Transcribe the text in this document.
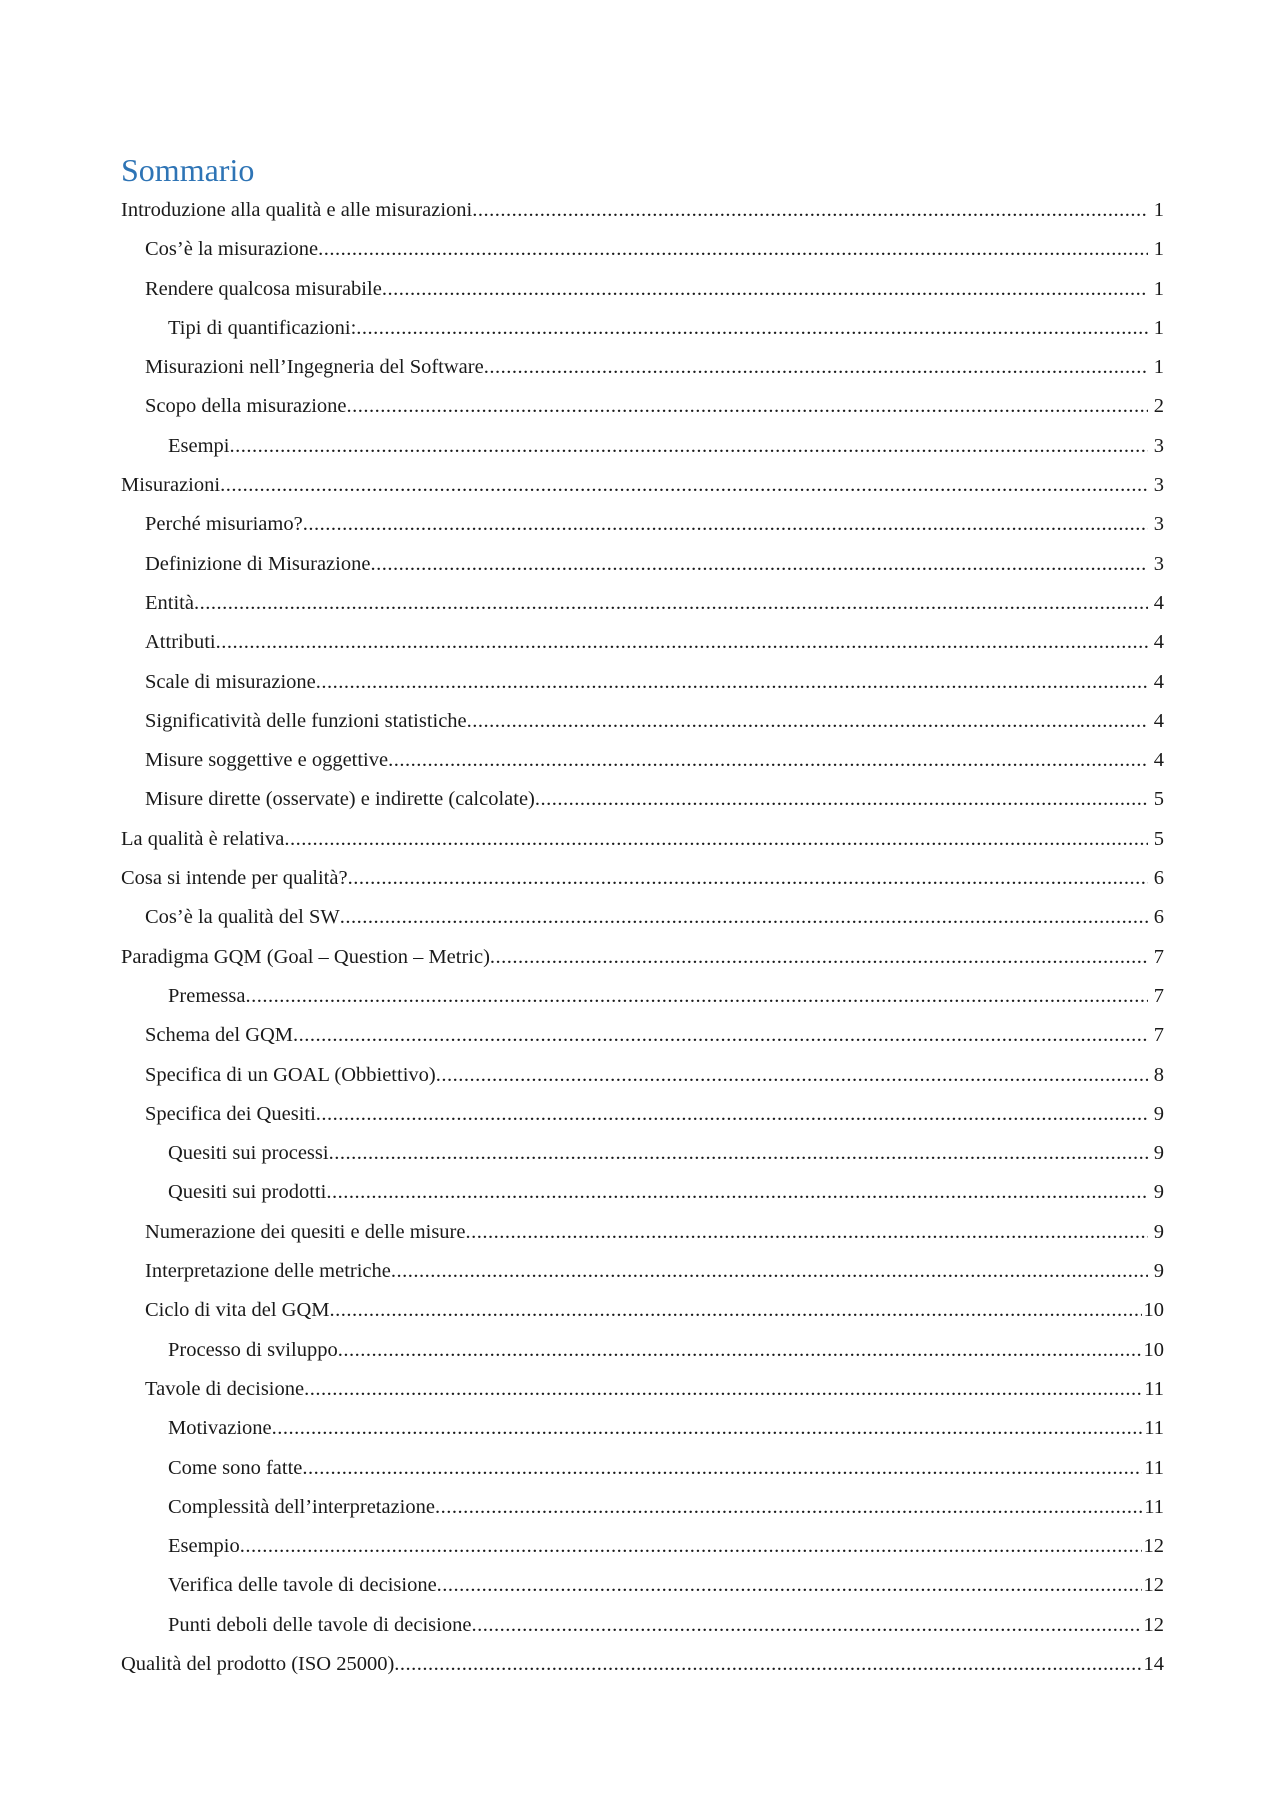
Sommario
Introduzione alla qualità e alle misurazioni .....	1
Cos’è la misurazione .....	1
Rendere qualcosa misurabile .....	1
Tipi di quantificazioni: .....	1
Misurazioni nell’Ingegneria del Software .....	1
Scopo della misurazione .....	2
Esempi .....	3
Misurazioni .....	3
Perché misuriamo? .....	3
Definizione di Misurazione .....	3
Entità .....	4
Attributi .....	4
Scale di misurazione .....	4
Significatività delle funzioni statistiche .....	4
Misure soggettive e oggettive .....	4
Misure dirette (osservate) e indirette (calcolate) .....	5
La qualità è relativa .....	5
Cosa si intende per qualità? .....	6
Cos’è la qualità del SW .....	6
Paradigma GQM (Goal – Question – Metric) .....	7
Premessa .....	7
Schema del GQM .....	7
Specifica di un GOAL (Obbiettivo) .....	8
Specifica dei Quesiti .....	9
Quesiti sui processi .....	9
Quesiti sui prodotti .....	9
Numerazione dei quesiti e delle misure .....	9
Interpretazione delle metriche .....	9
Ciclo di vita del GQM .....	10
Processo di sviluppo .....	10
Tavole di decisione .....	11
Motivazione .....	11
Come sono fatte .....	11
Complessità dell’interpretazione .....	11
Esempio .....	12
Verifica delle tavole di decisione .....	12
Punti deboli delle tavole di decisione .....	12
Qualità del prodotto (ISO 25000) .....	14
